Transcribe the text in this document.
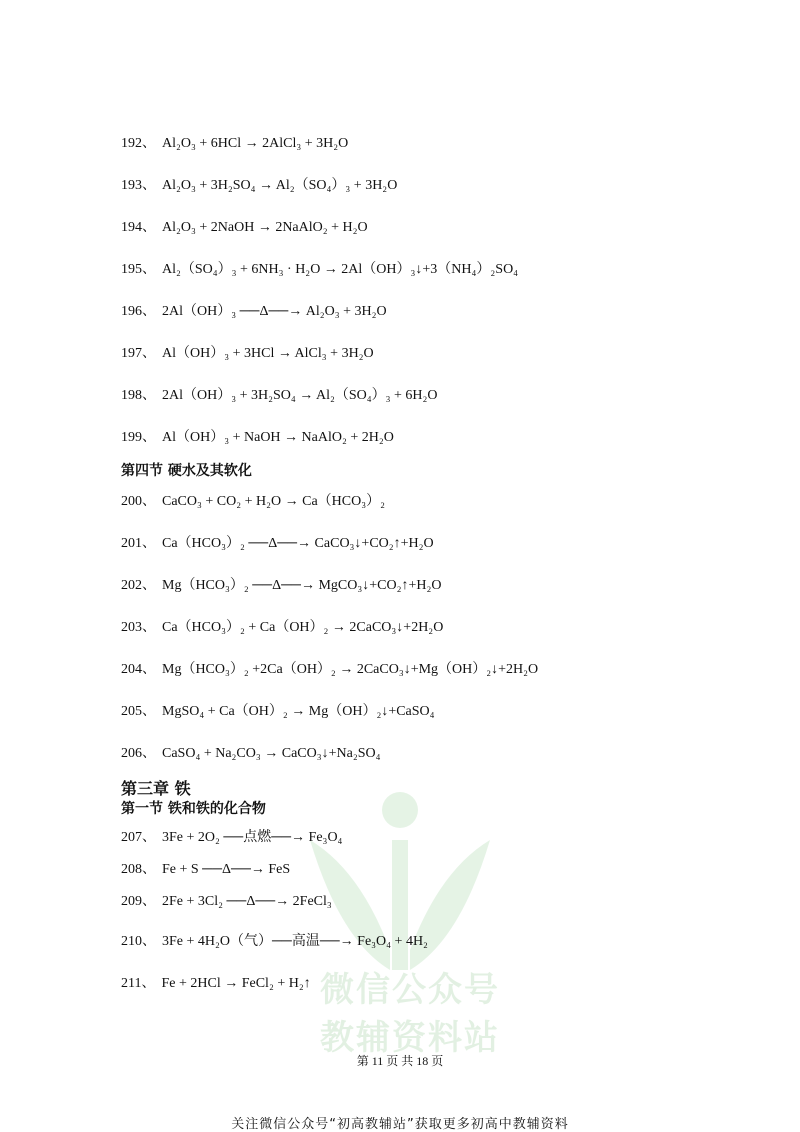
微信公众号
教辅资料站
192、 Al₂O₃ + 6HCl → 2AlCl₃ + 3H₂O
193、 Al₂O₃ + 3H₂SO₄ → Al₂（SO₄）₃ + 3H₂O
194、 Al₂O₃ + 2NaOH → 2NaAlO₂ + H₂O
195、 Al₂（SO₄）₃ + 6NH₃ · H₂O → 2Al（OH）₃↓+3（NH₄）₂SO₄
196、 2Al（OH）₃ ──Δ──→ Al₂O₃ + 3H₂O
197、 Al（OH）₃ + 3HCl → AlCl₃ + 3H₂O
198、 2Al（OH）₃ + 3H₂SO₄ → Al₂（SO₄）₃ + 6H₂O
199、 Al（OH）₃ + NaOH → NaAlO₂ + 2H₂O
第四节 硬水及其软化
200、 CaCO₃ + CO₂ + H₂O → Ca（HCO₃）₂
201、 Ca（HCO₃）₂ ──Δ──→ CaCO₃↓+CO₂↑+H₂O
202、 Mg（HCO₃）₂ ──Δ──→ MgCO₃↓+CO₂↑+H₂O
203、 Ca（HCO₃）₂ + Ca（OH）₂ → 2CaCO₃↓+2H₂O
204、 Mg（HCO₃）₂ +2Ca（OH）₂ → 2CaCO₃↓+Mg（OH）₂↓+2H₂O
205、 MgSO₄ + Ca（OH）₂ → Mg（OH）₂↓+CaSO₄
206、 CaSO₄ + Na₂CO₃ → CaCO₃↓+Na₂SO₄
第三章 铁
第一节 铁和铁的化合物
207、 3Fe + 2O₂ ──点燃──→ Fe₃O₄
208、 Fe + S ──Δ──→ FeS
209、 2Fe + 3Cl₂ ──Δ──→ 2FeCl₃
210、 3Fe + 4H₂O（气）──高温──→ Fe₃O₄ + 4H₂
211、 Fe + 2HCl → FeCl₂ + H₂↑
第 11 页 共 18 页
关注微信公众号“初高教辅站”获取更多初高中教辅资料
